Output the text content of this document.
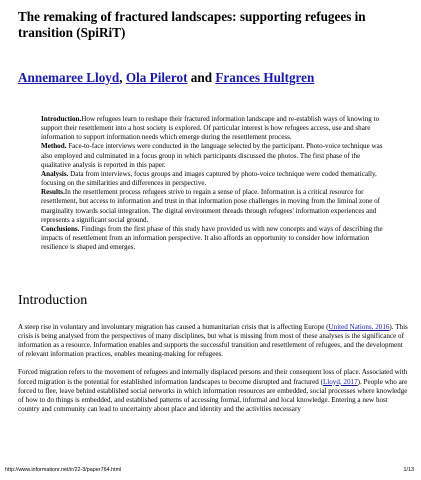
The remaking of fractured landscapes: supporting refugees in transition (SpiRiT)
Annemaree Lloyd, Ola Pilerot and Frances Hultgren

Introduction.How refugees learn to reshape their fractured information landscape and re-establish ways of knowing to support their resettlement into a host society is explored. Of particular interest is how refugees access, use and share information to support information needs which emerge during the resettlement process.

Method. Face-to-face interviews were conducted in the language selected by the participant. Photo-voice technique was also employed and culminated in a focus group in which participants discussed the photos. The first phase of the qualitative analysis is reported in this paper.

Analysis. Data from interviews, focus groups and images captured by photo-voice technique were coded thematically, focusing on the similarities and differences in perspective.

Results.In the resettlement process refugees strive to regain a sense of place. Information is a critical resource for resettlement, but access to information and trust in that information pose challenges in moving from the liminal zone of marginality towards social integration. The digital environment threads through refugees' information experiences and represents a significant social ground.

Conclusions. Findings from the first phase of this study have provided us with new concepts and ways of describing the impacts of resettlement from an information perspective. It also affords an opportunity to consider how information resilience is shaped and emerges.

Introduction

A steep rise in voluntary and involuntary migration has caused a humanitarian crisis that is affecting Europe (United Nations, 2016). This crisis is being analysed from the perspectives of many disciplines, but what is missing from most of these analyses is the significance of information as a resource. Information enables and supports the successful transition and resettlement of refugees, and the development of relevant information practices, enables meaning-making for refugees.

Forced migration refers to the movement of refugees and internally displaced persons and their consequent loss of place. Associated with forced migration is the potential for established information landscapes to become disrupted and fractured (Lloyd, 2017). People who are forced to flee, leave behind established social networks in which information resources are embedded, social processes where knowledge of how to do things is embedded, and established patterns of accessing formal, informal and local knowledge. Entering a new host country and community can lead to uncertainty about place and identity and the activities necessary

http://www.informationr.net/ir/22-3/paper764.html	1/13
